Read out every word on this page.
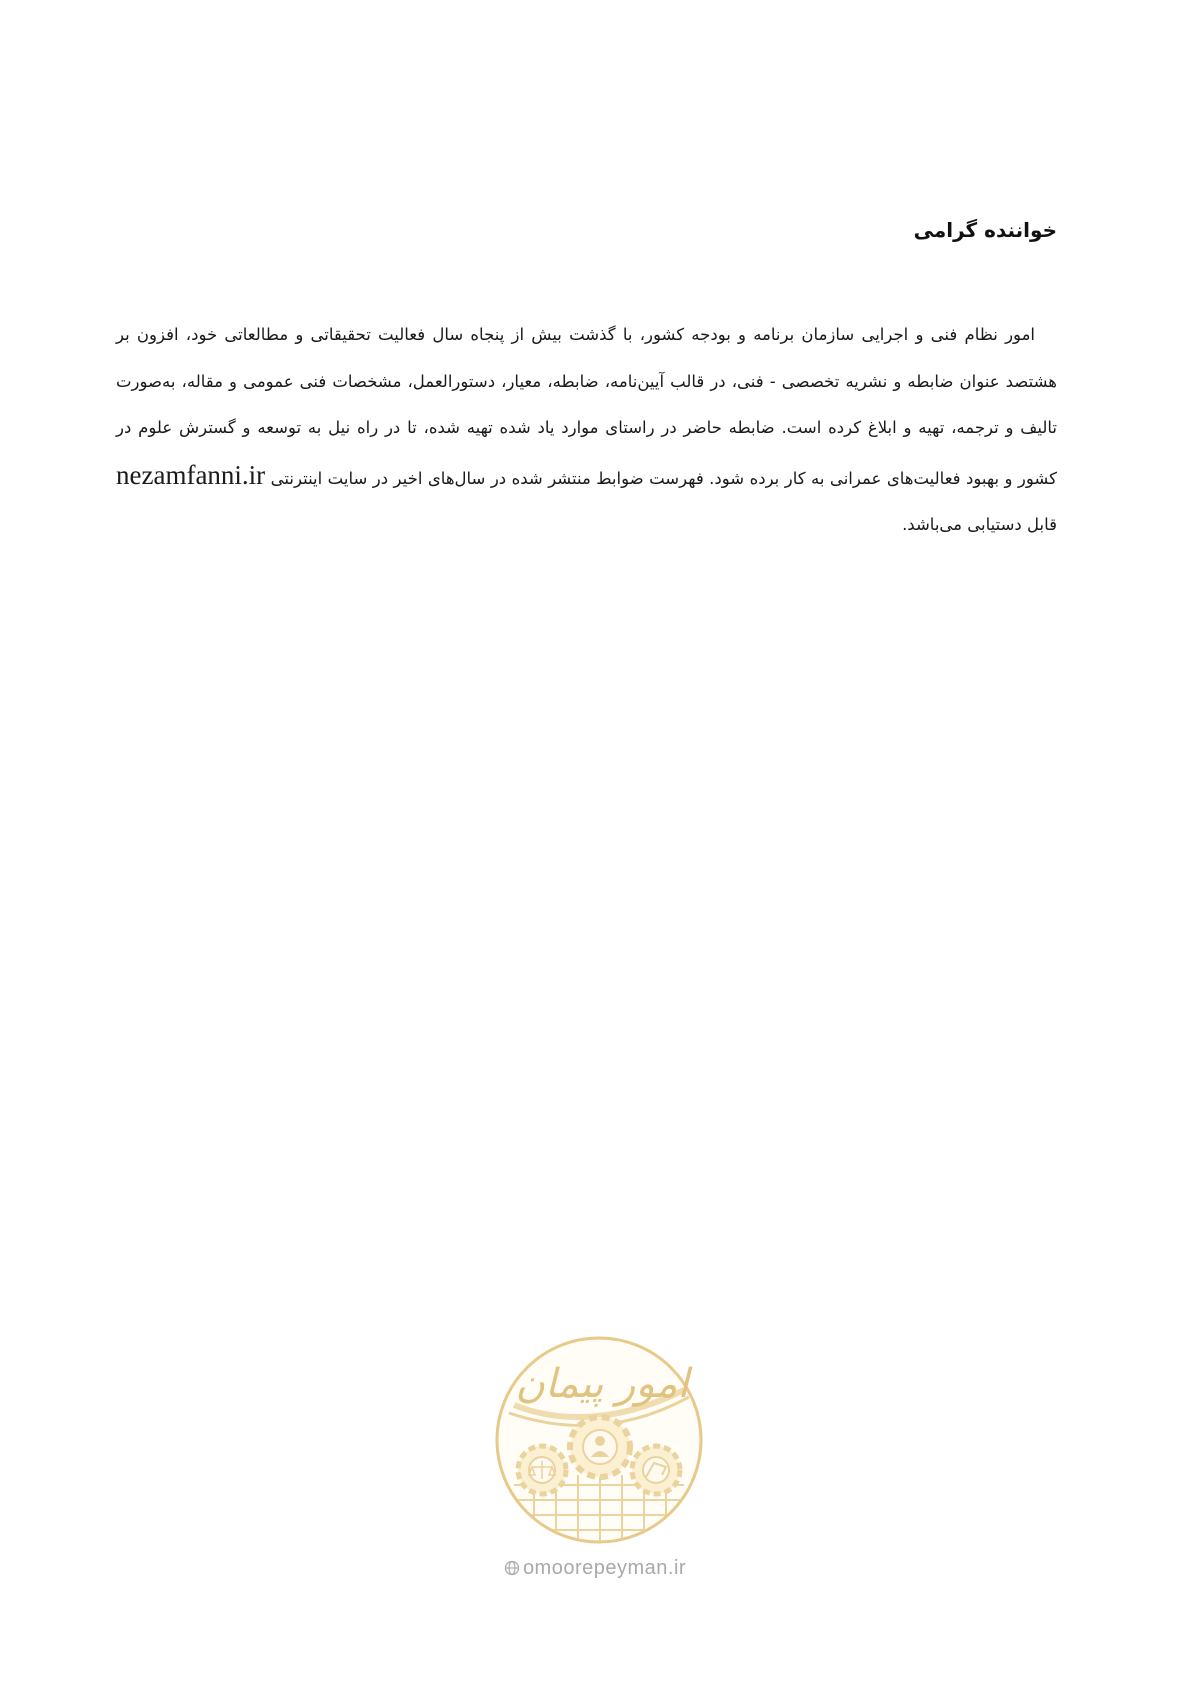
خواننده گرامی

امور نظام فنی و اجرایی سازمان برنامه و بودجه کشور، با گذشت بیش از پنجاه سال فعالیت تحقیقاتی و مطالعاتی خود، افزون بر هشتصد عنوان ضابطه و نشریه تخصصی - فنی، در قالب آیین‌نامه، ضابطه، معیار، دستورالعمل، مشخصات فنی عمومی و مقاله، به‌صورت تالیف و ترجمه، تهیه و ابلاغ کرده است. ضابطه حاضر در راستای موارد یاد شده تهیه شده، تا در راه نیل به توسعه و گسترش علوم در کشور و بهبود فعالیت‌های عمرانی به کار برده شود. فهرست ضوابط منتشر شده در سال‌های اخیر در سایت اینترنتی nezamfanni.ir قابل دستیابی می‌باشد.

امور پیمان
omoorepeyman.ir
